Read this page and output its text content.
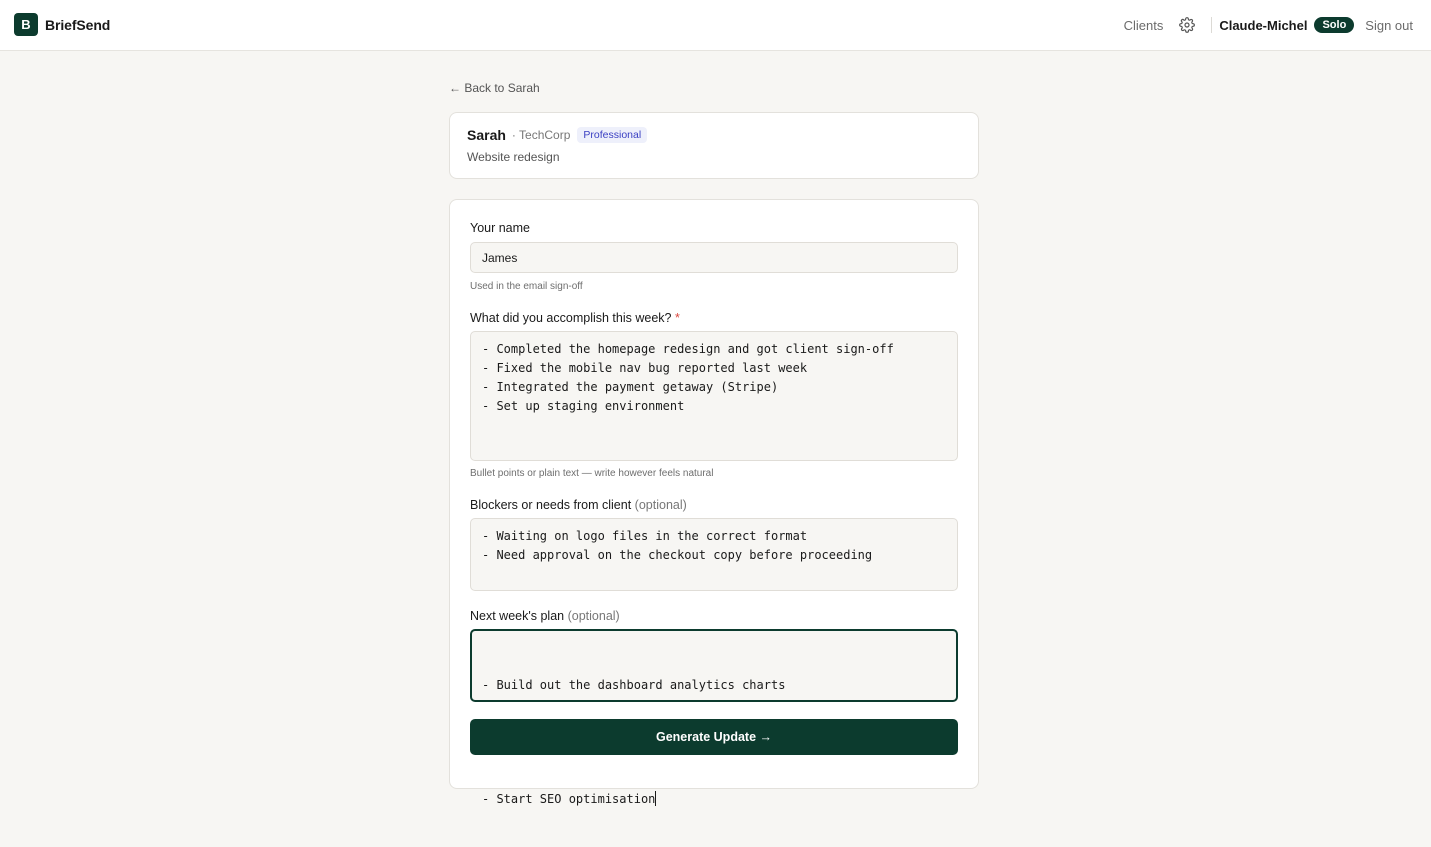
B	BriefSend	Clients	Claude-Michel	Solo	Sign out
← Back to Sarah
Sarah · TechCorp	Professional
Website redesign
Your name
James
Used in the email sign-off
What did you accomplish this week? *
- Completed the homepage redesign and got client sign-off - Fixed the mobile nav bug reported last week - Integrated the payment getaway (Stripe) - Set up staging environment
Bullet points or plain text — write however feels natural
Blockers or needs from client (optional)
- Waiting on logo files in the correct format - Need approval on the checkout copy before proceeding
Next week's plan (optional)

- Build out the dashboard analytics charts

- Start SEO optimisation

Generate Update →
